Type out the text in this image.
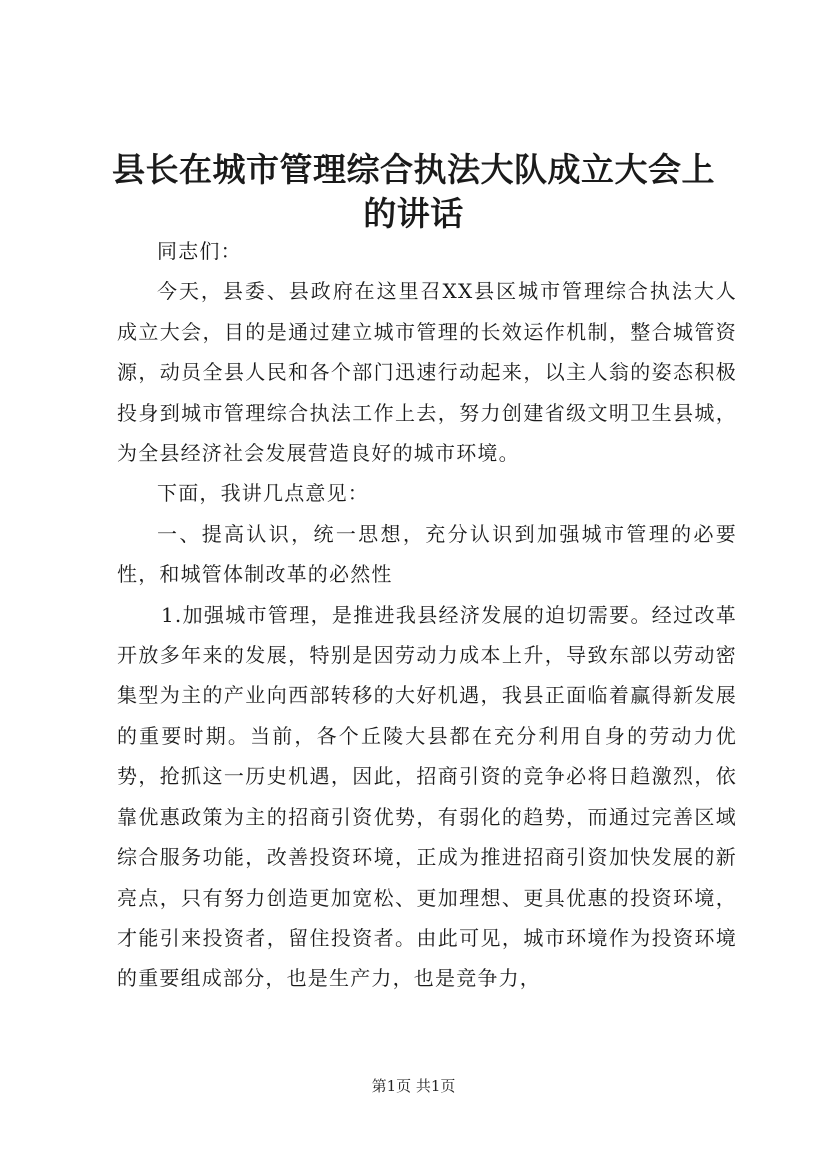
县长在城市管理综合执法大队成立大会上的讲话

同志们：

今天，县委、县政府在这里召XX县区城市管理综合执法大人成立大会，目的是通过建立城市管理的长效运作机制，整合城管资源，动员全县人民和各个部门迅速行动起来，以主人翁的姿态积极投身到城市管理综合执法工作上去，努力创建省级文明卫生县城，为全县经济社会发展营造良好的城市环境。

下面，我讲几点意见：

一、提高认识，统一思想，充分认识到加强城市管理的必要性，和城管体制改革的必然性

1.加强城市管理，是推进我县经济发展的迫切需要。经过改革开放多年来的发展，特别是因劳动力成本上升，导致东部以劳动密集型为主的产业向西部转移的大好机遇，我县正面临着赢得新发展的重要时期。当前，各个丘陵大县都在充分利用自身的劳动力优势，抢抓这一历史机遇，因此，招商引资的竞争必将日趋激烈，依靠优惠政策为主的招商引资优势，有弱化的趋势，而通过完善区域综合服务功能，改善投资环境，正成为推进招商引资加快发展的新亮点，只有努力创造更加宽松、更加理想、更具优惠的投资环境，才能引来投资者，留住投资者。由此可见，城市环境作为投资环境的重要组成部分，也是生产力，也是竞争力，

第1页 共1页
